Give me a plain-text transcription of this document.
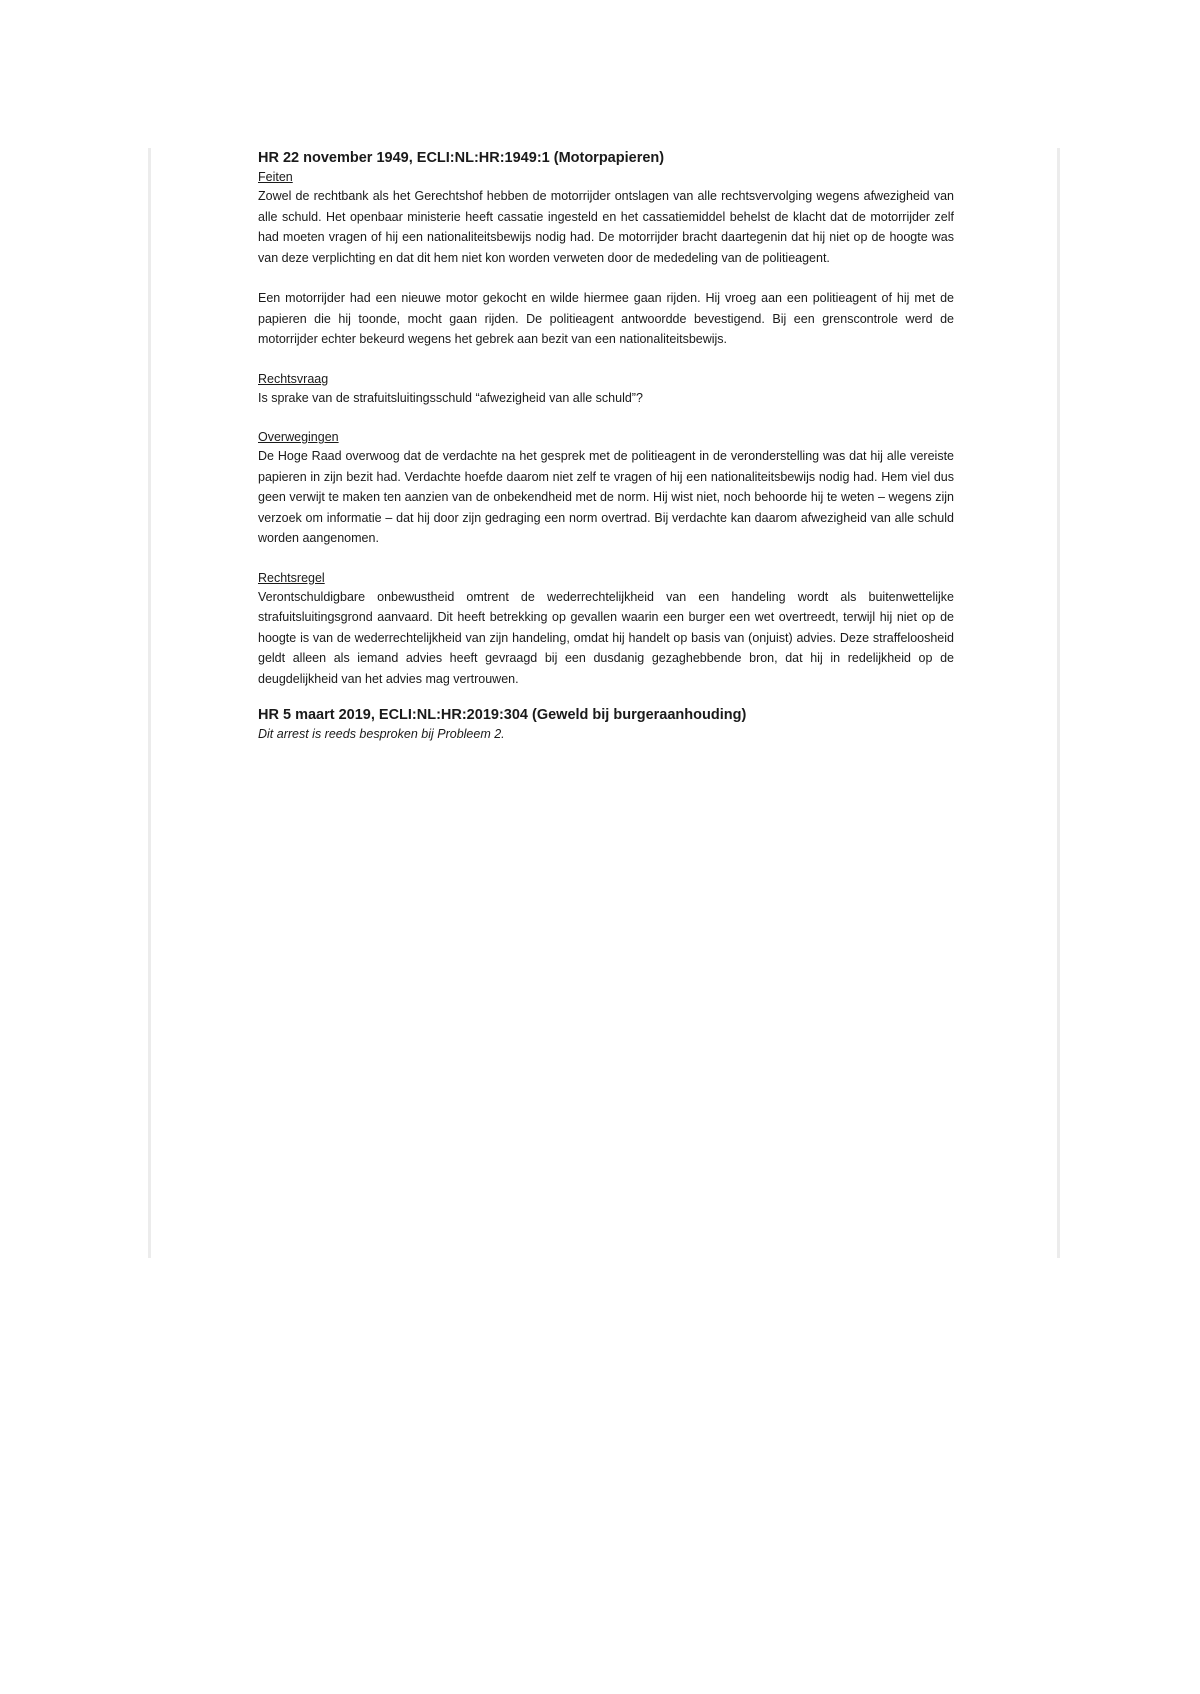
HR 22 november 1949, ECLI:NL:HR:1949:1 (Motorpapieren)

Feiten

Zowel de rechtbank als het Gerechtshof hebben de motorrijder ontslagen van alle rechtsvervolging wegens afwezigheid van alle schuld. Het openbaar ministerie heeft cassatie ingesteld en het cassatiemiddel behelst de klacht dat de motorrijder zelf had moeten vragen of hij een nationaliteitsbewijs nodig had. De motorrijder bracht daartegenin dat hij niet op de hoogte was van deze verplichting en dat dit hem niet kon worden verweten door de mededeling van de politieagent.

Een motorrijder had een nieuwe motor gekocht en wilde hiermee gaan rijden. Hij vroeg aan een politieagent of hij met de papieren die hij toonde, mocht gaan rijden. De politieagent antwoordde bevestigend. Bij een grenscontrole werd de motorrijder echter bekeurd wegens het gebrek aan bezit van een nationaliteitsbewijs.

Rechtsvraag

Is sprake van de strafuitsluitingsschuld “afwezigheid van alle schuld”?

Overwegingen

De Hoge Raad overwoog dat de verdachte na het gesprek met de politieagent in de veronderstelling was dat hij alle vereiste papieren in zijn bezit had. Verdachte hoefde daarom niet zelf te vragen of hij een nationaliteitsbewijs nodig had. Hem viel dus geen verwijt te maken ten aanzien van de onbekendheid met de norm. Hij wist niet, noch behoorde hij te weten – wegens zijn verzoek om informatie – dat hij door zijn gedraging een norm overtrad. Bij verdachte kan daarom afwezigheid van alle schuld worden aangenomen.

Rechtsregel

Verontschuldigbare onbewustheid omtrent de wederrechtelijkheid van een handeling wordt als buitenwettelijke strafuitsluitingsgrond aanvaard. Dit heeft betrekking op gevallen waarin een burger een wet overtreedt, terwijl hij niet op de hoogte is van de wederrechtelijkheid van zijn handeling, omdat hij handelt op basis van (onjuist) advies. Deze straffeloosheid geldt alleen als iemand advies heeft gevraagd bij een dusdanig gezaghebbende bron, dat hij in redelijkheid op de deugdelijkheid van het advies mag vertrouwen.

HR 5 maart 2019, ECLI:NL:HR:2019:304 (Geweld bij burgeraanhouding)

Dit arrest is reeds besproken bij Probleem 2.
